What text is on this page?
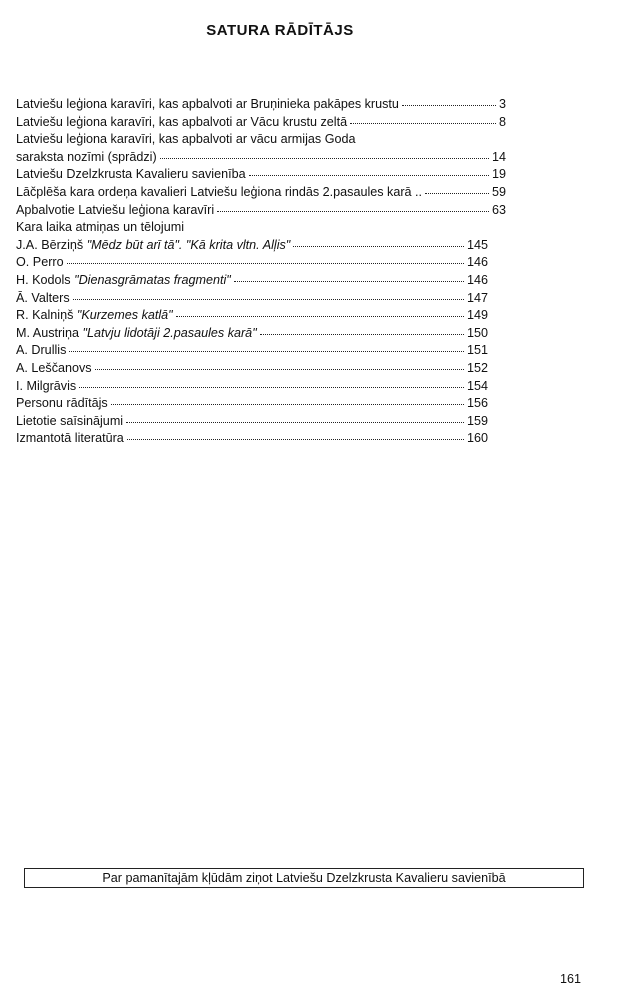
SATURA RĀDĪTĀJS
Latviešu leģiona karavīri, kas apbalvoti ar Bruņinieka pakāpes krustu	3
Latviešu leģiona karavīri, kas apbalvoti ar Vācu krustu zeltā	8
Latviešu leģiona karavīri, kas apbalvoti ar vācu armijas Goda
saraksta nozīmi (sprādzi)	14
Latviešu Dzelzkrusta Kavalieru savienība	19
Lāčplēša kara ordeņa kavalieri Latviešu leģiona rindās 2.pasaules karā ..	59
Apbalvotie Latviešu leģiona karavīri	63
Kara laika atmiņas un tēlojumi
J.A. Bērziņš "Mēdz būt arī tā". "Kā krita vltn. Alļis"	145
O. Perro	146
H. Kodols "Dienasgrāmatas fragmenti"	146
Ā. Valters	147
R. Kalniņš "Kurzemes katlā"	149
M. Austriņa "Latvju lidotāji 2.pasaules karā"	150
A. Drullis	151
A. Leščanovs	152
I. Milgrāvis	154
Personu rādītājs	156
Lietotie saīsinājumi	159
Izmantotā literatūra	160
Par pamanītajām kļūdām ziņot Latviešu Dzelzkrusta Kavalieru savienībā
161
